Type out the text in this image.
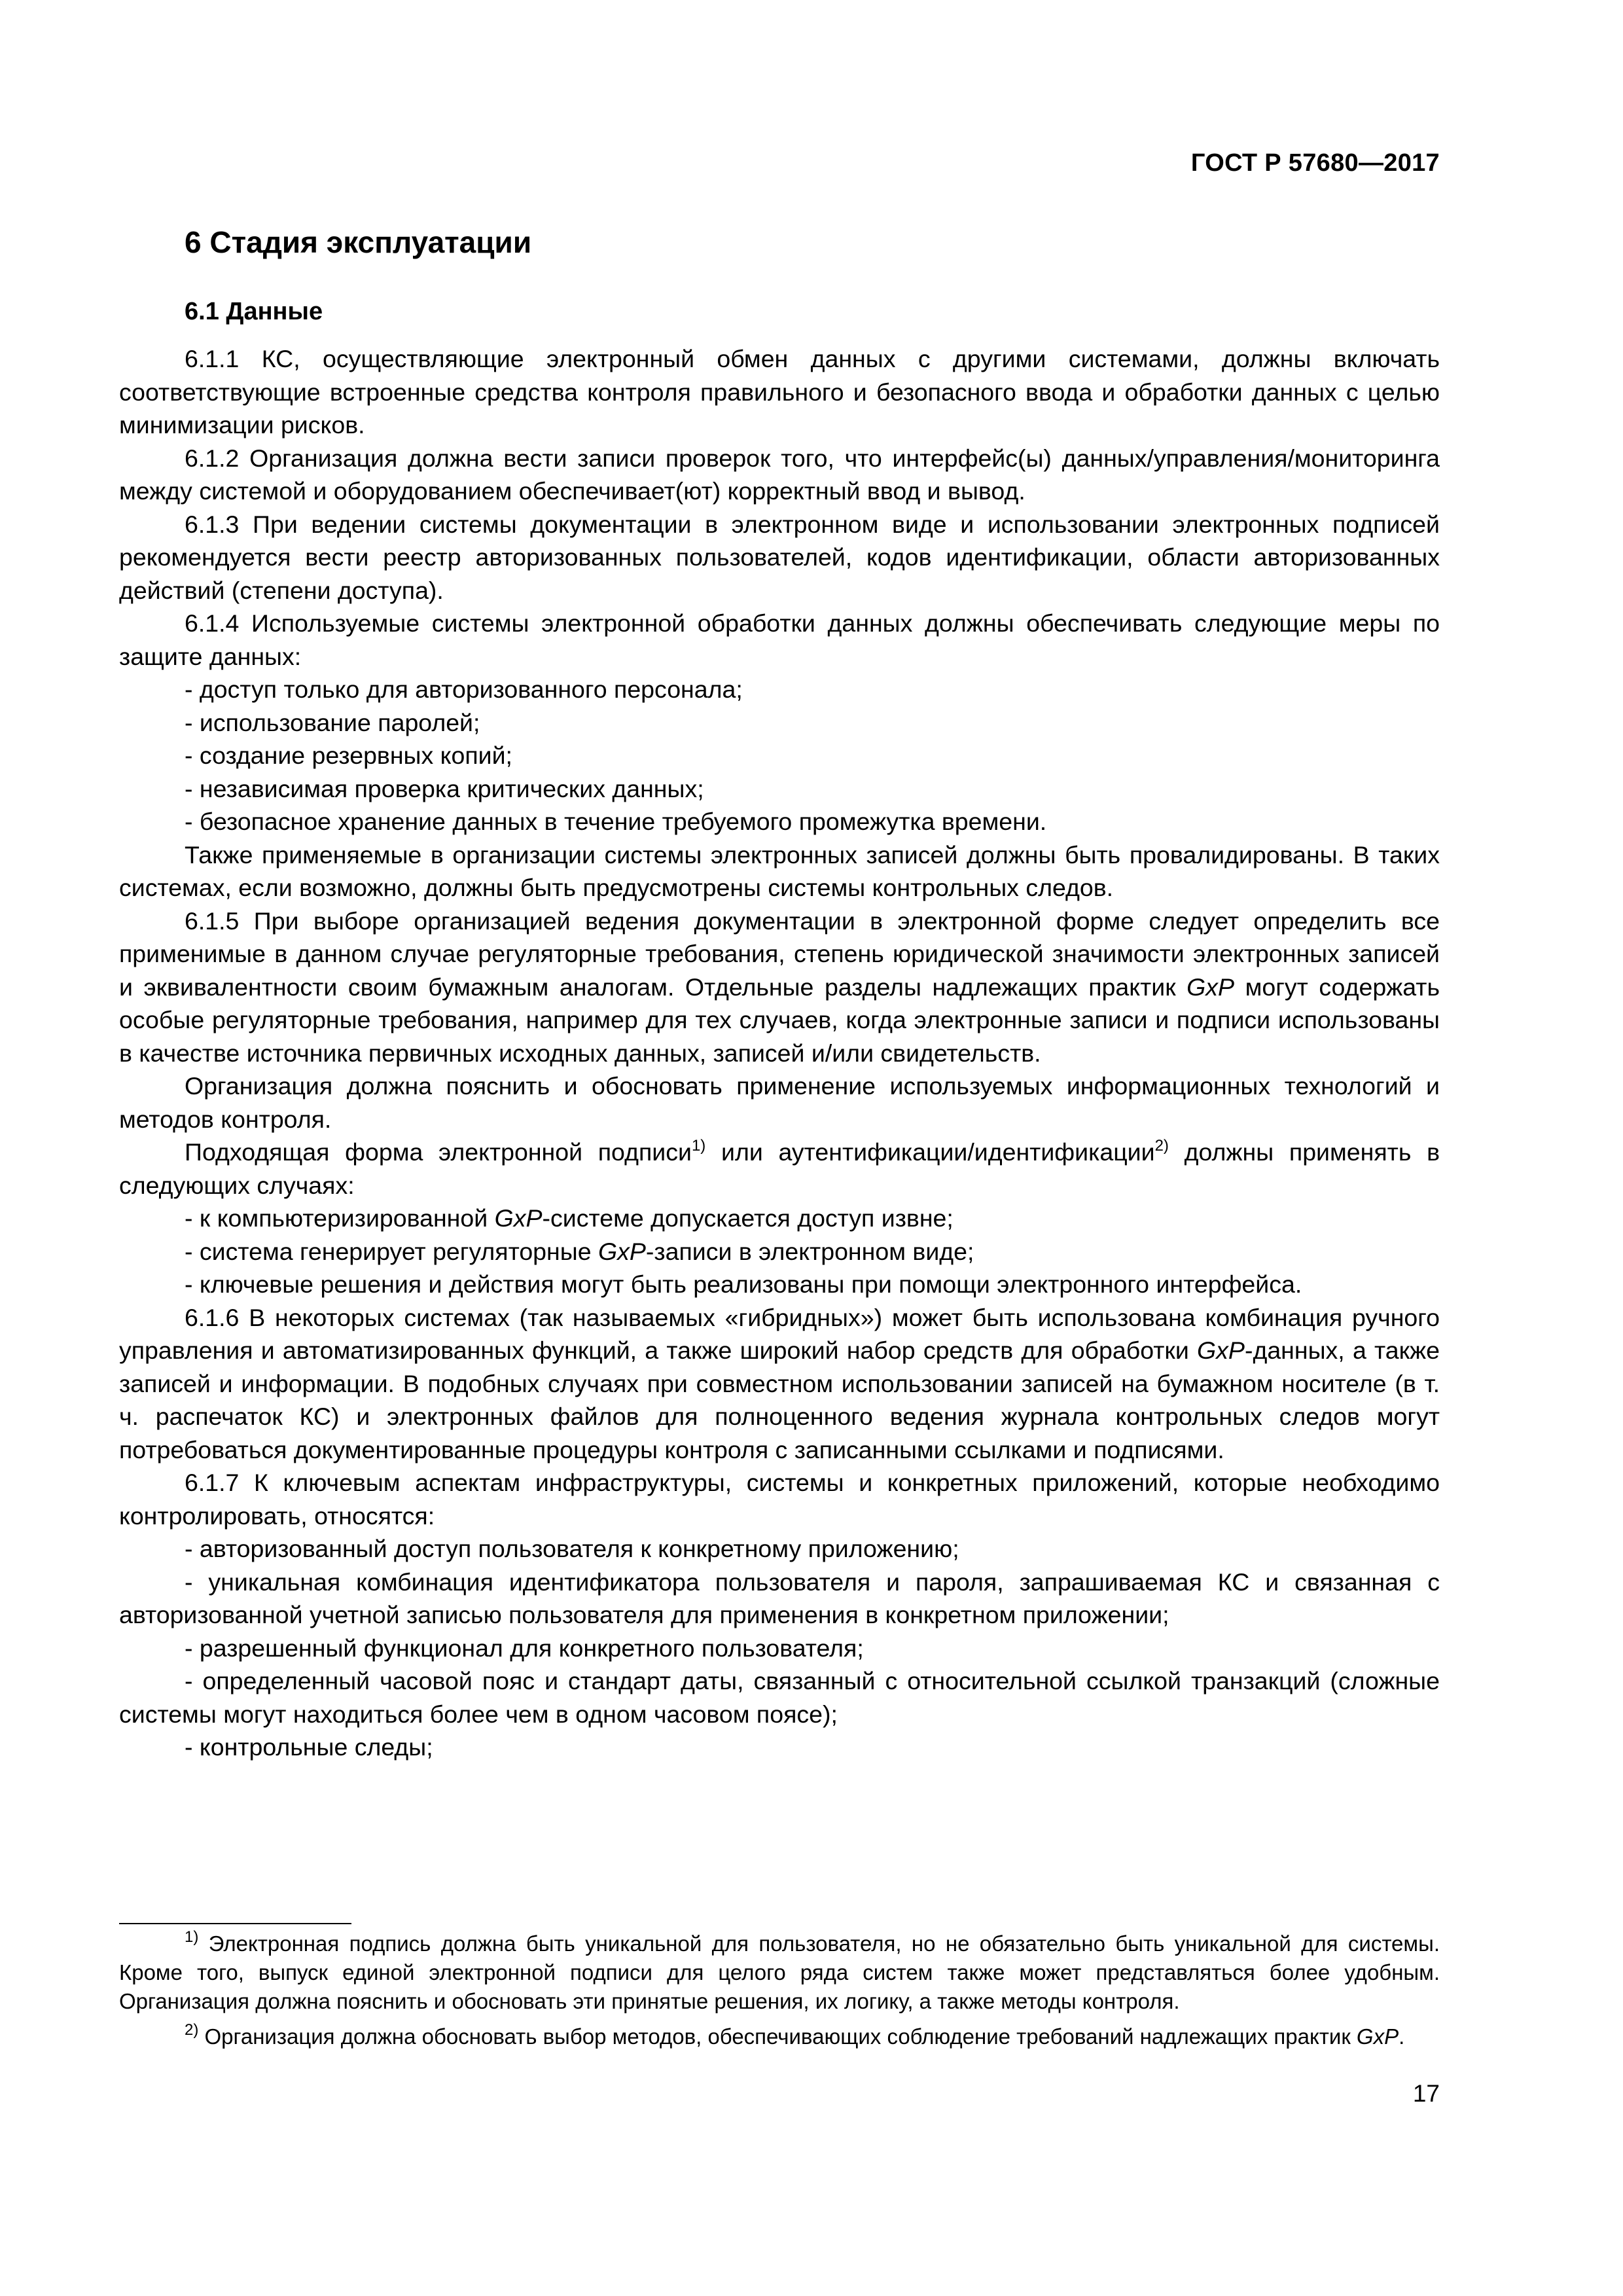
ГОСТ Р 57680—2017
6 Стадия эксплуатации
6.1 Данные

6.1.1 КС, осуществляющие электронный обмен данных с другими системами, должны включать соответствующие встроенные средства контроля правильного и безопасного ввода и обработки данных с целью минимизации рисков.

6.1.2 Организация должна вести записи проверок того, что интерфейс(ы) данных/управления/мониторинга между системой и оборудованием обеспечивает(ют) корректный ввод и вывод.

6.1.3 При ведении системы документации в электронном виде и использовании электронных подписей рекомендуется вести реестр авторизованных пользователей, кодов идентификации, области авторизованных действий (степени доступа).

6.1.4 Используемые системы электронной обработки данных должны обеспечивать следующие меры по защите данных:

- доступ только для авторизованного персонала;

- использование паролей;

- создание резервных копий;

- независимая проверка критических данных;

- безопасное хранение данных в течение требуемого промежутка времени.

Также применяемые в организации системы электронных записей должны быть провалидированы. В таких системах, если возможно, должны быть предусмотрены системы контрольных следов.

6.1.5 При выборе организацией ведения документации в электронной форме следует определить все применимые в данном случае регуляторные требования, степень юридической значимости электронных записей и эквивалентности своим бумажным аналогам. Отдельные разделы надлежащих практик GxP могут содержать особые регуляторные требования, например для тех случаев, когда электронные записи и подписи использованы в качестве источника первичных исходных данных, записей и/или свидетельств.

Организация должна пояснить и обосновать применение используемых информационных технологий и методов контроля.

Подходящая форма электронной подписи$^{1)}$ или аутентификации/идентификации$^{2)}$ должны применять в следующих случаях:

- к компьютеризированной GxP-системе допускается доступ извне;

- система генерирует регуляторные GxP-записи в электронном виде;

- ключевые решения и действия могут быть реализованы при помощи электронного интерфейса.

6.1.6 В некоторых системах (так называемых «гибридных») может быть использована комбинация ручного управления и автоматизированных функций, а также широкий набор средств для обработки GxP-данных, а также записей и информации. В подобных случаях при совместном использовании записей на бумажном носителе (в т. ч. распечаток КС) и электронных файлов для полноценного ведения журнала контрольных следов могут потребоваться документированные процедуры контроля с записанными ссылками и подписями.

6.1.7 К ключевым аспектам инфраструктуры, системы и конкретных приложений, которые необходимо контролировать, относятся:

- авторизованный доступ пользователя к конкретному приложению;

- уникальная комбинация идентификатора пользователя и пароля, запрашиваемая КС и связанная с авторизованной учетной записью пользователя для применения в конкретном приложении;

- разрешенный функционал для конкретного пользователя;

- определенный часовой пояс и стандарт даты, связанный с относительной ссылкой транзакций (сложные системы могут находиться более чем в одном часовом поясе);

- контрольные следы;

$^{1)}$ Электронная подпись должна быть уникальной для пользователя, но не обязательно быть уникальной для системы. Кроме того, выпуск единой электронной подписи для целого ряда систем также может представляться более удобным. Организация должна пояснить и обосновать эти принятые решения, их логику, а также методы контроля.

$^{2)}$ Организация должна обосновать выбор методов, обеспечивающих соблюдение требований надлежащих практик GxP.

17
